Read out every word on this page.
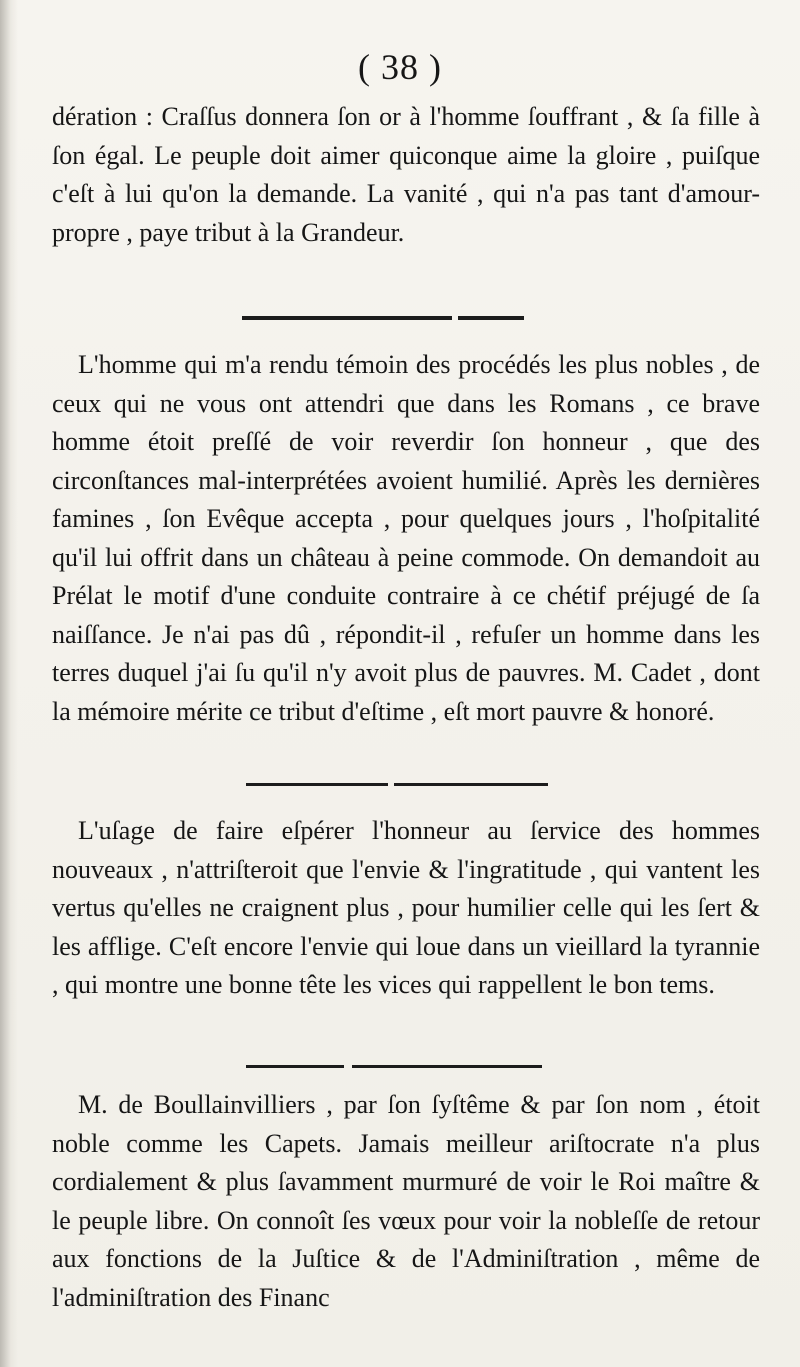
( 38 )

dération : Craſſus donnera ſon or à l'homme ſouffrant , & ſa fille à ſon égal. Le peuple doit aimer quiconque aime la gloire , puiſque c'eſt à lui qu'on la demande. La vanité , qui n'a pas tant d'amour-propre , paye tribut à la Grandeur.

L'homme qui m'a rendu témoin des procédés les plus nobles , de ceux qui ne vous ont attendri que dans les Romans , ce brave homme étoit preſſé de voir reverdir ſon honneur , que des circonſtances mal-interprétées avoient humilié. Après les dernières famines , ſon Evêque accepta , pour quelques jours , l'hoſpitalité qu'il lui offrit dans un château à peine commode. On demandoit au Prélat le motif d'une conduite contraire à ce chétif préjugé de ſa naiſſance. Je n'ai pas dû , répondit-il , refuſer un homme dans les terres duquel j'ai ſu qu'il n'y avoit plus de pauvres. M. Cadet , dont la mémoire mérite ce tribut d'eſtime , eſt mort pauvre & honoré.

L'uſage de faire eſpérer l'honneur au ſervice des hommes nouveaux , n'attriſteroit que l'envie & l'ingratitude , qui vantent les vertus qu'elles ne craignent plus , pour humilier celle qui les ſert & les afflige. C'eſt encore l'envie qui loue dans un vieillard la tyrannie , qui montre une bonne tête les vices qui rappellent le bon tems.

M. de Boullainvilliers , par ſon ſyſtême & par ſon nom , étoit noble comme les Capets. Jamais meilleur ariſtocrate n'a plus cordialement & plus ſavamment murmuré de voir le Roi maître & le peuple libre. On connoît ſes vœux pour voir la nobleſſe de retour aux fonctions de la Juſtice & de l'Adminiſtration , même de l'adminiſtration des Financ
